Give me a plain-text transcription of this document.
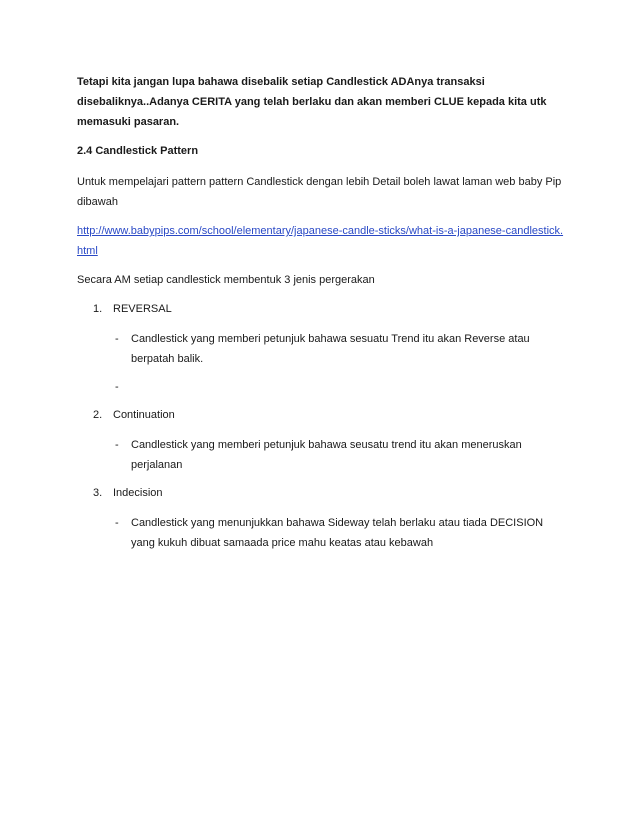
Tetapi kita jangan lupa bahawa disebalik setiap Candlestick ADAnya transaksi disebaliknya..Adanya CERITA yang telah berlaku dan akan memberi CLUE kepada kita utk memasuki pasaran.

2.4 Candlestick Pattern

Untuk mempelajari pattern pattern Candlestick dengan lebih Detail boleh lawat laman web baby Pip dibawah

http://www.babypips.com/school/elementary/japanese-candle-sticks/what-is-a-japanese-candlestick.html

Secara AM setiap candlestick membentuk 3 jenis pergerakan

1. REVERSAL
- Candlestick yang memberi petunjuk bahawa sesuatu Trend itu akan Reverse atau berpatah balik.
-
2. Continuation
- Candlestick yang memberi petunjuk bahawa seusatu trend itu akan meneruskan perjalanan
3. Indecision
- Candlestick yang menunjukkan bahawa Sideway telah berlaku atau tiada DECISION yang kukuh dibuat samaada price mahu keatas atau kebawah
